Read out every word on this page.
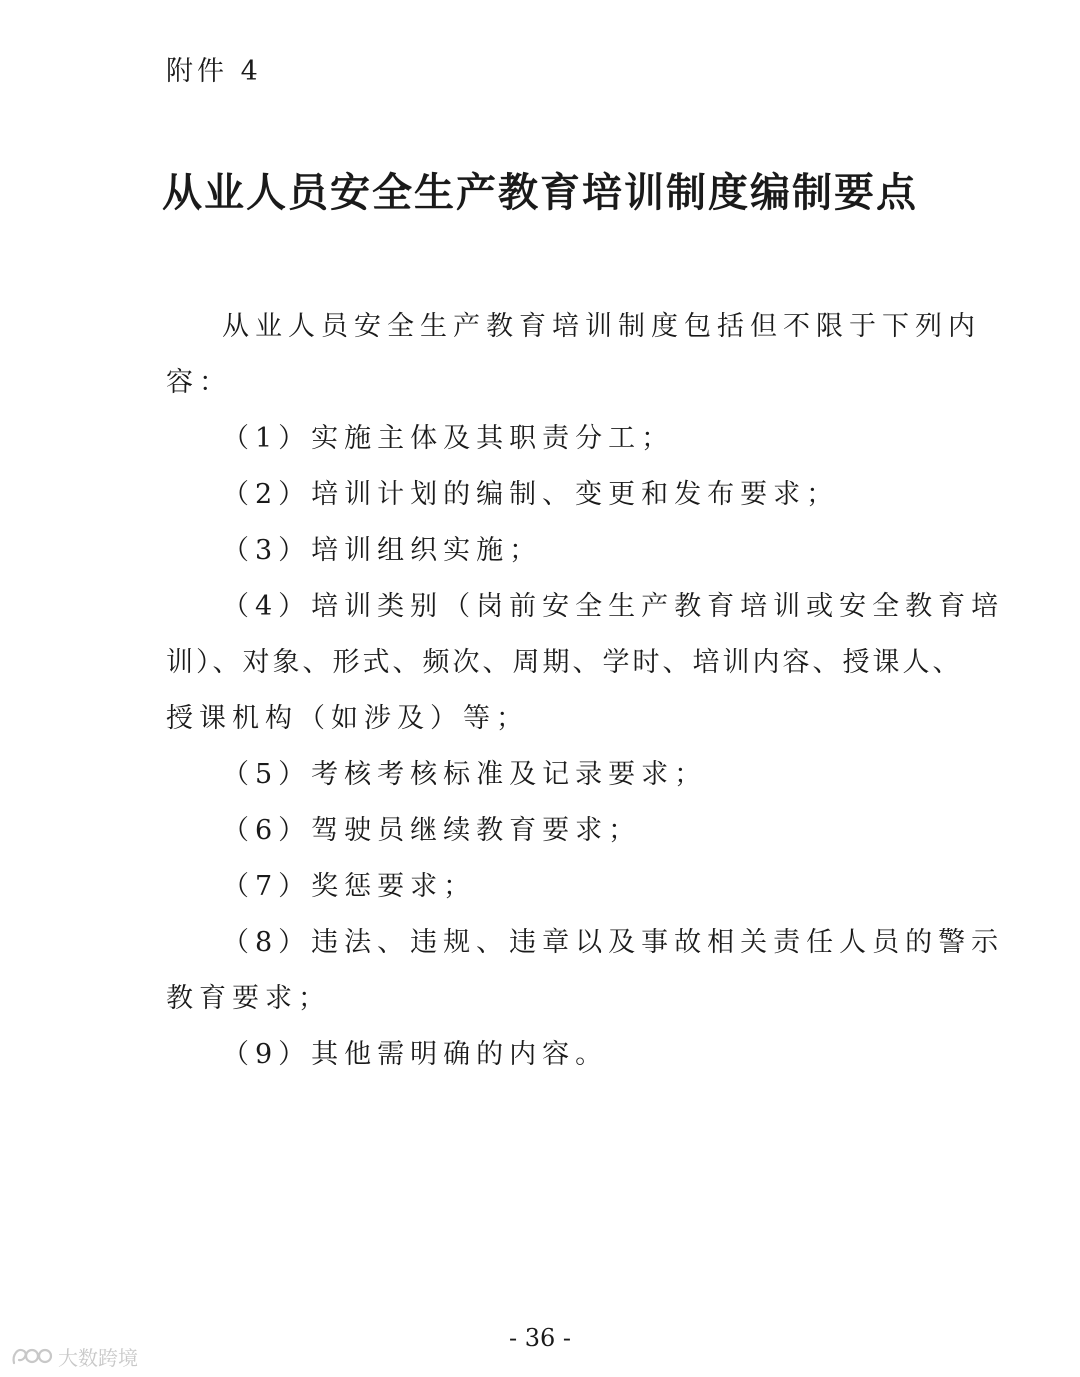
附件 4
从业人员安全生产教育培训制度编制要点
从业人员安全生产教育培训制度包括但不限于下列内
容：
（1）实施主体及其职责分工；
（2）培训计划的编制、变更和发布要求；
（3）培训组织实施；
（4）培训类别（岗前安全生产教育培训或安全教育培
训）、对象、形式、频次、周期、学时、培训内容、授课人、
授课机构（如涉及）等；
（5）考核考核标准及记录要求；
（6）驾驶员继续教育要求；
（7）奖惩要求；
（8）违法、违规、违章以及事故相关责任人员的警示
教育要求；
（9）其他需明确的内容。
- 36 -
大数跨境
